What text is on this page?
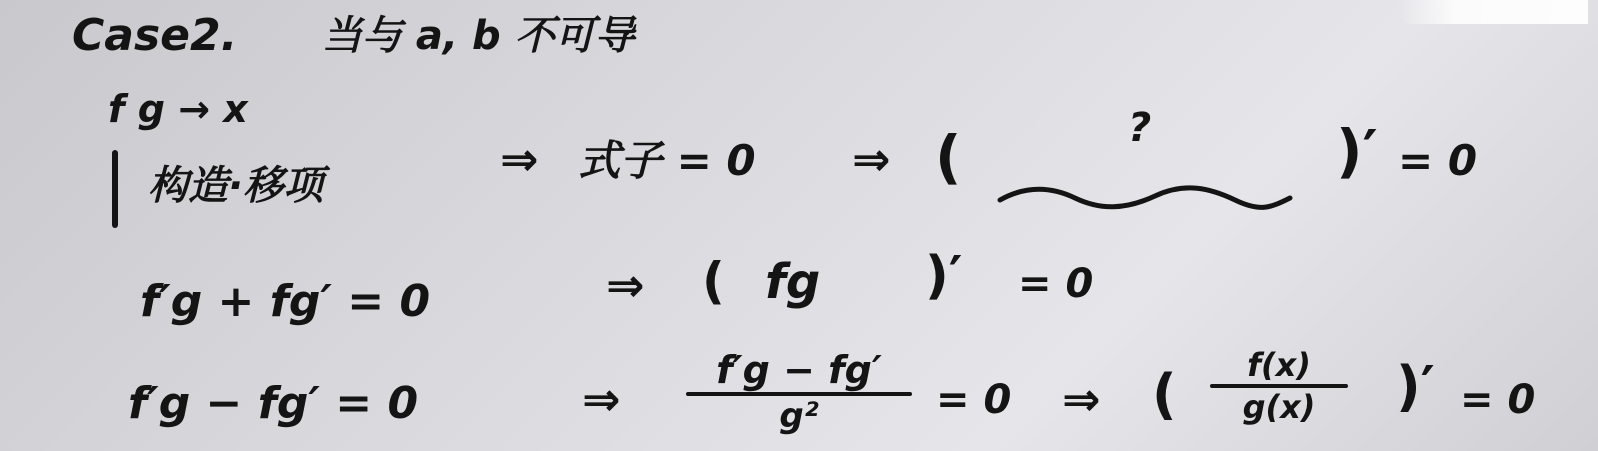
Case2. 当与 a, b 不可导
f g → x
构造·移项	⇒ 式子 = 0 ⇒ (	?	)′ = 0
f′g + fg′ = 0	⇒ ( fg )′ = 0
f′g − fg′ = 0	⇒
f′g − fg′
g²	= 0 ⇒ ( f(x)
g(x) )′ = 0
